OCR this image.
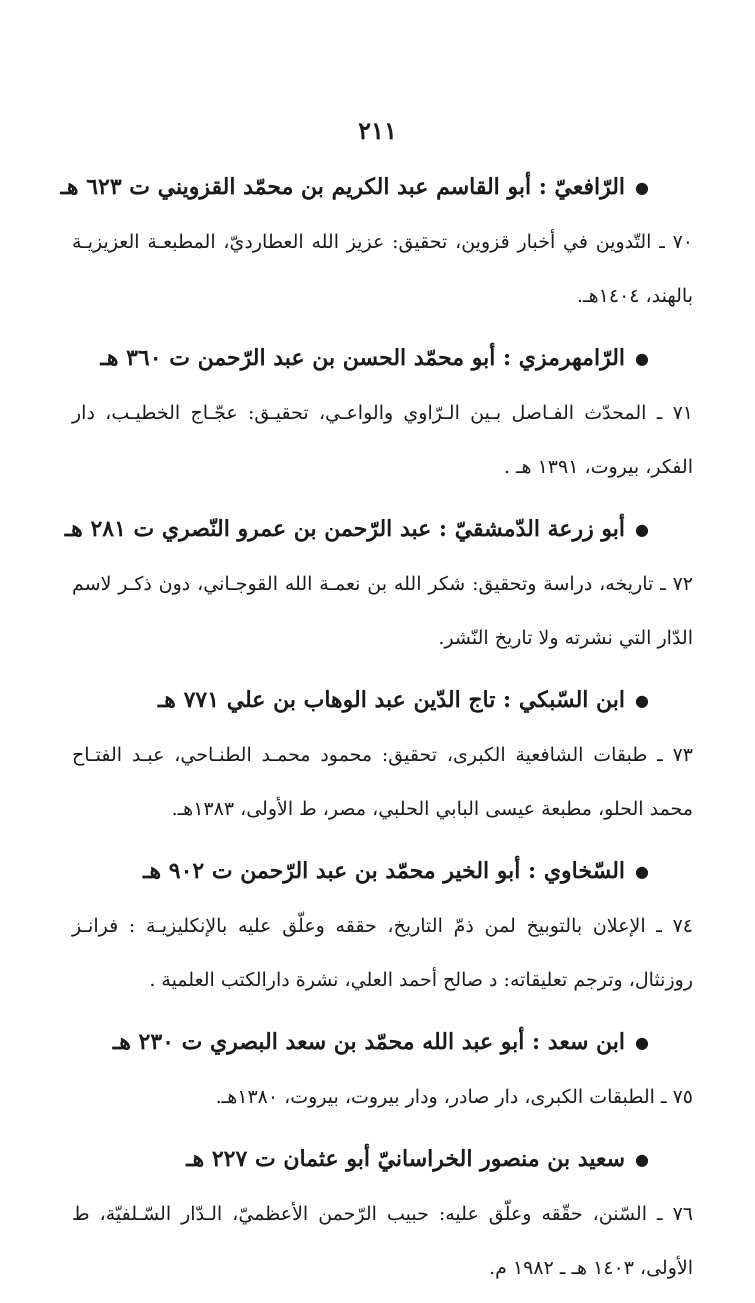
٢١١

●الرّافعيّ : أبو القاسم عبد الكريم بن محمّد القزويني ت ٦٢٣ هـ

٧٠ ـ التّدوين في أخبار قزوين، تحقيق: عزيز الله العطارديّ، المطبعـة العزيزيـة بالهند، ١٤٠٤هـ.

●الرّامهرمزي : أبو محمّد الحسن بن عبد الرّحمن ت ٣٦٠ هـ

٧١ ـ المحدّث الفـاصل بـين الـرّاوي والواعـي، تحقيـق: عجّـاج الخطيـب، دار الفكر، بيروت، ١٣٩١ هـ .

●أبو زرعة الدّمشقيّ : عبد الرّحمن بن عمرو النّصري ت ٢٨١ هـ

٧٢ ـ تاريخه، دراسة وتحقيق: شكر الله بن نعمـة الله القوجـاني، دون ذكـر لاسم الدّار التي نشرته ولا تاريخ النّشر.

●ابن السّبكي : تاج الدّين عبد الوهاب بن علي ٧٧١ هـ

٧٣ ـ طبقات الشافعية الكبرى، تحقيق: محمود محمـد الطنـاحي، عبـد الفتـاح محمد الحلو، مطبعة عيسى البابي الحلبي، مصر، ط الأولى، ١٣٨٣هـ.

●السّخاوي : أبو الخير محمّد بن عبد الرّحمن ت ٩٠٢ هـ

٧٤ ـ الإعلان بالتوبيخ لمن ذمّ التاريخ، حققه وعلّق عليه بالإنكليزيـة : فرانـز روزنثال، وترجم تعليقاته: د صالح أحمد العلي، نشرة دارالكتب العلمية .

●ابن سعد : أبو عبد الله محمّد بن سعد البصري ت ٢٣٠ هـ

٧٥ ـ الطبقات الكبرى، دار صادر، ودار بيروت، بيروت، ١٣٨٠هـ.

●سعيد بن منصور الخراسانيّ أبو عثمان ت ٢٢٧ هـ

٧٦ ـ السّنن، حقّقه وعلّق عليه: حبيب الرّحمن الأعظميّ، الـدّار السّـلفيّة، ط الأولى، ١٤٠٣ هـ ـ ١٩٨٢ م.
